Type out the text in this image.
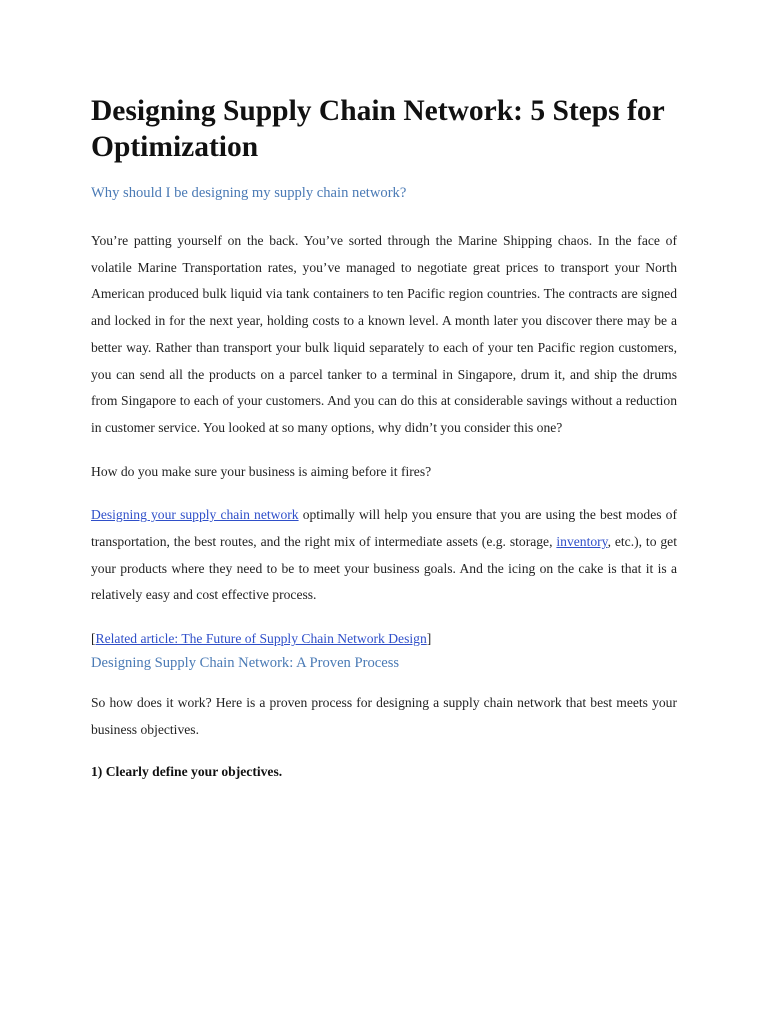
Designing Supply Chain Network: 5 Steps for Optimization
Why should I be designing my supply chain network?

You’re patting yourself on the back. You’ve sorted through the Marine Shipping chaos. In the face of volatile Marine Transportation rates, you’ve managed to negotiate great prices to transport your North American produced bulk liquid via tank containers to ten Pacific region countries. The contracts are signed and locked in for the next year, holding costs to a known level. A month later you discover there may be a better way. Rather than transport your bulk liquid separately to each of your ten Pacific region customers, you can send all the products on a parcel tanker to a terminal in Singapore, drum it, and ship the drums from Singapore to each of your customers. And you can do this at considerable savings without a reduction in customer service. You looked at so many options, why didn’t you consider this one?

How do you make sure your business is aiming before it fires?

Designing your supply chain network optimally will help you ensure that you are using the best modes of transportation, the best routes, and the right mix of intermediate assets (e.g. storage, inventory, etc.), to get your products where they need to be to meet your business goals. And the icing on the cake is that it is a relatively easy and cost effective process.

[Related article: The Future of Supply Chain Network Design]

Designing Supply Chain Network: A Proven Process

So how does it work? Here is a proven process for designing a supply chain network that best meets your business objectives.

1) Clearly define your objectives.
